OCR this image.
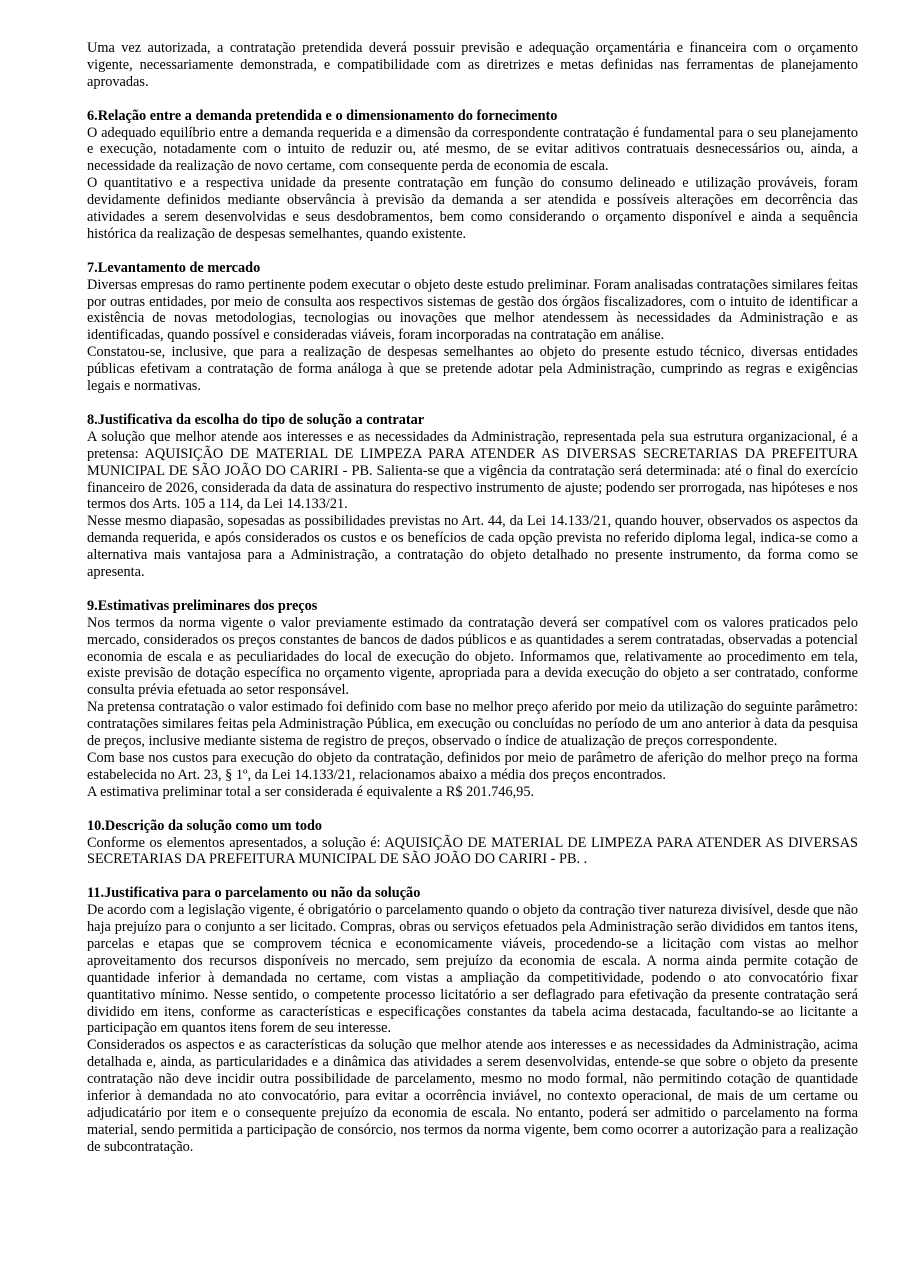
Uma vez autorizada, a contratação pretendida deverá possuir previsão e adequação orçamentária e financeira com o orçamento vigente, necessariamente demonstrada, e compatibilidade com as diretrizes e metas definidas nas ferramentas de planejamento aprovadas.

6.Relação entre a demanda pretendida e o dimensionamento do fornecimento

O adequado equilíbrio entre a demanda requerida e a dimensão da correspondente contratação é fundamental para o seu planejamento e execução, notadamente com o intuito de reduzir ou, até mesmo, de se evitar aditivos contratuais desnecessários ou, ainda, a necessidade da realização de novo certame, com consequente perda de economia de escala.

O quantitativo e a respectiva unidade da presente contratação em função do consumo delineado e utilização prováveis, foram devidamente definidos mediante observância à previsão da demanda a ser atendida e possíveis alterações em decorrência das atividades a serem desenvolvidas e seus desdobramentos, bem como considerando o orçamento disponível e ainda a sequência histórica da realização de despesas semelhantes, quando existente.

7.Levantamento de mercado

Diversas empresas do ramo pertinente podem executar o objeto deste estudo preliminar. Foram analisadas contratações similares feitas por outras entidades, por meio de consulta aos respectivos sistemas de gestão dos órgãos fiscalizadores, com o intuito de identificar a existência de novas metodologias, tecnologias ou inovações que melhor atendessem às necessidades da Administração e as identificadas, quando possível e consideradas viáveis, foram incorporadas na contratação em análise.

Constatou-se, inclusive, que para a realização de despesas semelhantes ao objeto do presente estudo técnico, diversas entidades públicas efetivam a contratação de forma análoga à que se pretende adotar pela Administração, cumprindo as regras e exigências legais e normativas.

8.Justificativa da escolha do tipo de solução a contratar

A solução que melhor atende aos interesses e as necessidades da Administração, representada pela sua estrutura organizacional, é a pretensa: AQUISIÇÃO DE MATERIAL DE LIMPEZA PARA ATENDER AS DIVERSAS SECRETARIAS DA PREFEITURA MUNICIPAL DE SÃO JOÃO DO CARIRI - PB. Salienta-se que a vigência da contratação será determinada: até o final do exercício financeiro de 2026, considerada da data de assinatura do respectivo instrumento de ajuste; podendo ser prorrogada, nas hipóteses e nos termos dos Arts. 105 a 114, da Lei 14.133/21.

Nesse mesmo diapasão, sopesadas as possibilidades previstas no Art. 44, da Lei 14.133/21, quando houver, observados os aspectos da demanda requerida, e após considerados os custos e os benefícios de cada opção prevista no referido diploma legal, indica-se como a alternativa mais vantajosa para a Administração, a contratação do objeto detalhado no presente instrumento, da forma como se apresenta.

9.Estimativas preliminares dos preços

Nos termos da norma vigente o valor previamente estimado da contratação deverá ser compatível com os valores praticados pelo mercado, considerados os preços constantes de bancos de dados públicos e as quantidades a serem contratadas, observadas a potencial economia de escala e as peculiaridades do local de execução do objeto. Informamos que, relativamente ao procedimento em tela, existe previsão de dotação específica no orçamento vigente, apropriada para a devida execução do objeto a ser contratado, conforme consulta prévia efetuada ao setor responsável.

Na pretensa contratação o valor estimado foi definido com base no melhor preço aferido por meio da utilização do seguinte parâmetro: contratações similares feitas pela Administração Pública, em execução ou concluídas no período de um ano anterior à data da pesquisa de preços, inclusive mediante sistema de registro de preços, observado o índice de atualização de preços correspondente.

Com base nos custos para execução do objeto da contratação, definidos por meio de parâmetro de aferição do melhor preço na forma estabelecida no Art. 23, § 1º, da Lei 14.133/21, relacionamos abaixo a média dos preços encontrados.

A estimativa preliminar total a ser considerada é equivalente a R$ 201.746,95.

10.Descrição da solução como um todo

Conforme os elementos apresentados, a solução é: AQUISIÇÃO DE MATERIAL DE LIMPEZA PARA ATENDER AS DIVERSAS SECRETARIAS DA PREFEITURA MUNICIPAL DE SÃO JOÃO DO CARIRI - PB. .

11.Justificativa para o parcelamento ou não da solução

De acordo com a legislação vigente, é obrigatório o parcelamento quando o objeto da contração tiver natureza divisível, desde que não haja prejuízo para o conjunto a ser licitado. Compras, obras ou serviços efetuados pela Administração serão divididos em tantos itens, parcelas e etapas que se comprovem técnica e economicamente viáveis, procedendo-se a licitação com vistas ao melhor aproveitamento dos recursos disponíveis no mercado, sem prejuízo da economia de escala. A norma ainda permite cotação de quantidade inferior à demandada no certame, com vistas a ampliação da competitividade, podendo o ato convocatório fixar quantitativo mínimo. Nesse sentido, o competente processo licitatório a ser deflagrado para efetivação da presente contratação será dividido em itens, conforme as características e especificações constantes da tabela acima destacada, facultando-se ao licitante a participação em quantos itens forem de seu interesse.

Considerados os aspectos e as características da solução que melhor atende aos interesses e as necessidades da Administração, acima detalhada e, ainda, as particularidades e a dinâmica das atividades a serem desenvolvidas, entende-se que sobre o objeto da presente contratação não deve incidir outra possibilidade de parcelamento, mesmo no modo formal, não permitindo cotação de quantidade inferior à demandada no ato convocatório, para evitar a ocorrência inviável, no contexto operacional, de mais de um certame ou adjudicatário por item e o consequente prejuízo da economia de escala. No entanto, poderá ser admitido o parcelamento na forma material, sendo permitida a participação de consórcio, nos termos da norma vigente, bem como ocorrer a autorização para a realização de subcontratação.
